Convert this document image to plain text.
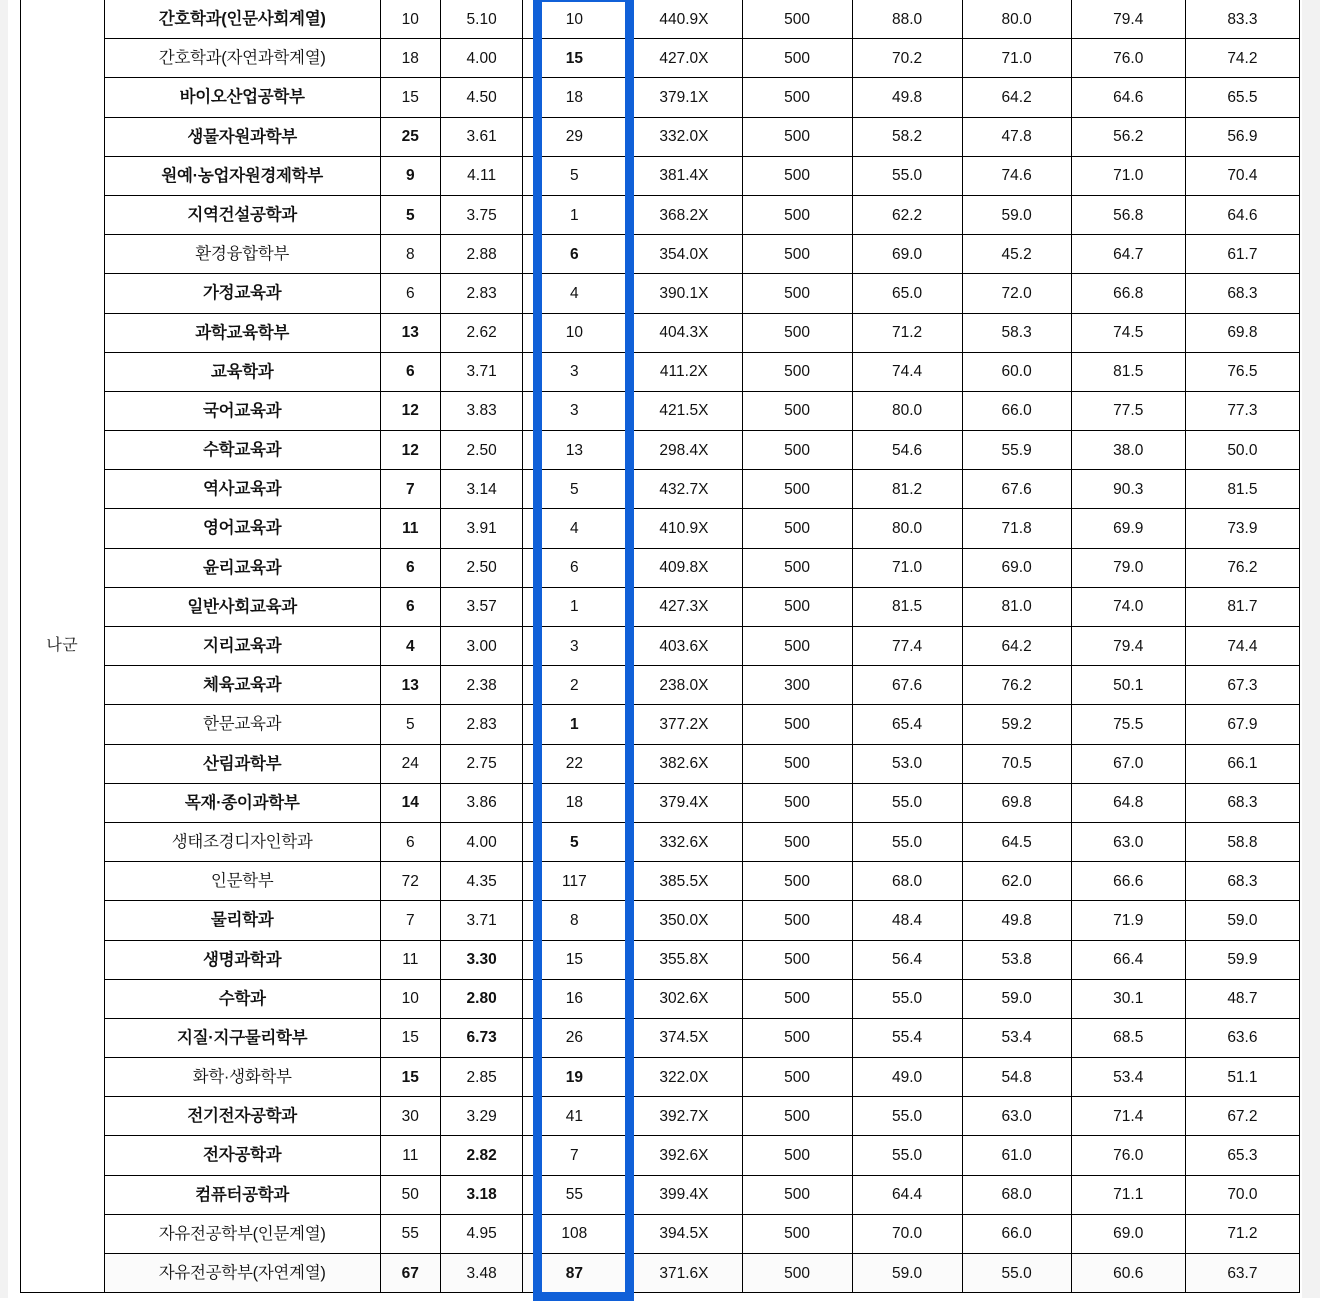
나군	간호학과(인문사회계열)	10	5.10	10	440.9X	500	88.0	80.0	79.4	83.3
	간호학과(자연과학계열)	18	4.00	15	427.0X	500	70.2	71.0	76.0	74.2
	바이오산업공학부	15	4.50	18	379.1X	500	49.8	64.2	64.6	65.5
	생물자원과학부	25	3.61	29	332.0X	500	58.2	47.8	56.2	56.9
	원예·농업자원경제학부	9	4.11	5	381.4X	500	55.0	74.6	71.0	70.4
	지역건설공학과	5	3.75	1	368.2X	500	62.2	59.0	56.8	64.6
	환경융합학부	8	2.88	6	354.0X	500	69.0	45.2	64.7	61.7
	가정교육과	6	2.83	4	390.1X	500	65.0	72.0	66.8	68.3
	과학교육학부	13	2.62	10	404.3X	500	71.2	58.3	74.5	69.8
	교육학과	6	3.71	3	411.2X	500	74.4	60.0	81.5	76.5
	국어교육과	12	3.83	3	421.5X	500	80.0	66.0	77.5	77.3
	수학교육과	12	2.50	13	298.4X	500	54.6	55.9	38.0	50.0
	역사교육과	7	3.14	5	432.7X	500	81.2	67.6	90.3	81.5
	영어교육과	11	3.91	4	410.9X	500	80.0	71.8	69.9	73.9
	윤리교육과	6	2.50	6	409.8X	500	71.0	69.0	79.0	76.2
	일반사회교육과	6	3.57	1	427.3X	500	81.5	81.0	74.0	81.7
	지리교육과	4	3.00	3	403.6X	500	77.4	64.2	79.4	74.4
	체육교육과	13	2.38	2	238.0X	300	67.6	76.2	50.1	67.3
	한문교육과	5	2.83	1	377.2X	500	65.4	59.2	75.5	67.9
	산림과학부	24	2.75	22	382.6X	500	53.0	70.5	67.0	66.1
	목재·종이과학부	14	3.86	18	379.4X	500	55.0	69.8	64.8	68.3
	생태조경디자인학과	6	4.00	5	332.6X	500	55.0	64.5	63.0	58.8
	인문학부	72	4.35	117	385.5X	500	68.0	62.0	66.6	68.3
	물리학과	7	3.71	8	350.0X	500	48.4	49.8	71.9	59.0
	생명과학과	11	3.30	15	355.8X	500	56.4	53.8	66.4	59.9
	수학과	10	2.80	16	302.6X	500	55.0	59.0	30.1	48.7
	지질·지구물리학부	15	6.73	26	374.5X	500	55.4	53.4	68.5	63.6
	화학·생화학부	15	2.85	19	322.0X	500	49.0	54.8	53.4	51.1
	전기전자공학과	30	3.29	41	392.7X	500	55.0	63.0	71.4	67.2
	전자공학과	11	2.82	7	392.6X	500	55.0	61.0	76.0	65.3
	컴퓨터공학과	50	3.18	55	399.4X	500	64.4	68.0	71.1	70.0
	자유전공학부(인문계열)	55	4.95	108	394.5X	500	70.0	66.0	69.0	71.2
	자유전공학부(자연계열)	67	3.48	87	371.6X	500	59.0	55.0	60.6	63.7
